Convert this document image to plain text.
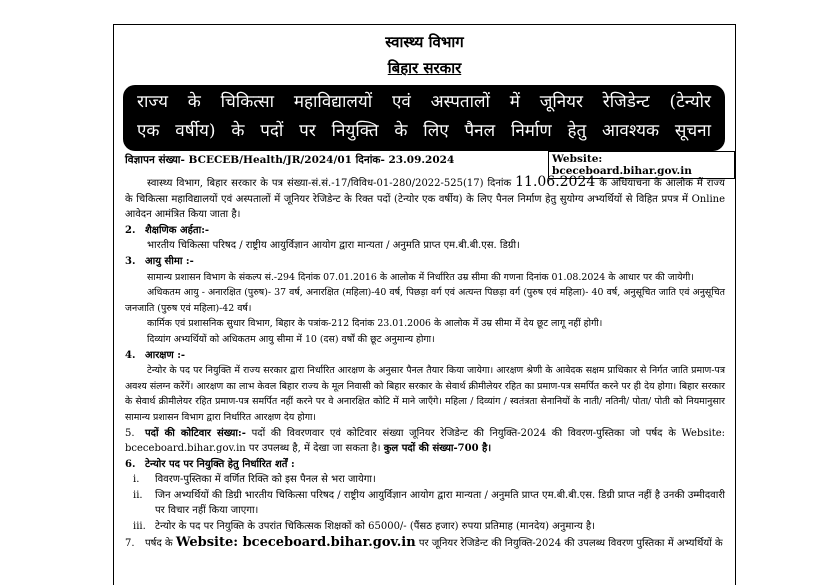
स्वास्थ्य विभाग
बिहार सरकार
राज्य के चिकित्सा महाविद्यालयों एवं अस्पतालों में जूनियर रेजिडेन्ट (टेन्योर
एक वर्षीय) के पदों पर नियुक्ति के लिए पैनल निर्माण हेतु आवश्यक सूचना
विज्ञापन संख्या- BCECEB/Health/JR/2024/01 दिनांक- 23.09.2024	Website: bceceboard.bihar.gov.in

स्वास्थ्य विभाग, बिहार सरकार के पत्र संख्या-सं.सं.-17/विविध-01-280/2022-525(17) दिनांक 11.06.2024 के अधियाचना के आलोक में राज्य के चिकित्सा महाविद्यालयों एवं अस्पतालों में जूनियर रेजिडेन्ट के रिक्त पदों (टेन्योर एक वर्षीय) के लिए पैनल निर्माण हेतु सुयोग्य अभ्यर्थियों से विहित प्रपत्र में Online आवेदन आमंत्रित किया जाता है।

2. शैक्षणिक अर्हता:-

भारतीय चिकित्सा परिषद / राष्ट्रीय आयुर्विज्ञान आयोग द्वारा मान्यता / अनुमति प्राप्त एम.बी.बी.एस. डिग्री।

3. आयु सीमा :-

सामान्य प्रशासन विभाग के संकल्प सं.-294 दिनांक 07.01.2016 के आलोक में निर्धारित उम्र सीमा की गणना दिनांक 01.08.2024 के आधार पर की जायेगी।

अधिकतम आयु - अनारक्षित (पुरुष)- 37 वर्ष, अनारक्षित (महिला)-40 वर्ष, पिछड़ा वर्ग एवं अत्यन्त पिछड़ा वर्ग (पुरुष एवं महिला)- 40 वर्ष, अनुसूचित जाति एवं अनुसूचित जनजाति (पुरुष एवं महिला)-42 वर्ष।

कार्मिक एवं प्रशासनिक सुधार विभाग, बिहार के पत्रांक-212 दिनांक 23.01.2006 के आलोक में उम्र सीमा में देय छूट लागू नहीं होगी।

दिव्यांग अभ्यर्थियों को अधिकतम आयु सीमा में 10 (दस) वर्षों की छूट अनुमान्य होगा।

4. आरक्षण :-

टेन्योर के पद पर नियुक्ति में राज्य सरकार द्वारा निर्धारित आरक्षण के अनुसार पैनल तैयार किया जायेगा। आरक्षण श्रेणी के आवेदक सक्षम प्राधिकार से निर्गत जाति प्रमाण-पत्र अवश्य संलग्न करेंगें। आरक्षण का लाभ केवल बिहार राज्य के मूल निवासी को बिहार सरकार के सेवार्थ क्रीमीलेयर रहित का प्रमाण-पत्र समर्पित करने पर ही देय होगा। बिहार सरकार के सेवार्थ क्रीमीलेयर रहित प्रमाण-पत्र समर्पित नहीं करने पर वे अनारक्षित कोटि में माने जाएँगे। महिला / दिव्यांग / स्वतंत्रता सेनानियों के नाती/ नतिनी/ पोता/ पोती को नियमानुसार सामान्य प्रशासन विभाग द्वारा निर्धारित आरक्षण देय होगा।

5. पदों की कोटिवार संख्या:- पदों की विवरणवार एवं कोटिवार संख्या जूनियर रेजिडेन्ट की नियुक्ति-2024 की विवरण-पुस्तिका जो पर्षद के Website: bceceboard.bihar.gov.in पर उपलब्ध है, में देखा जा सकता है। कुल पदों की संख्या-700 है।

6. टेन्योर पद पर नियुक्ति हेतु निर्धारित शर्तें :

i.	विवरण-पुस्तिका में वर्णित रिक्ति को इस पैनल से भरा जायेगा।
ii.	जिन अभ्यर्थियों की डिग्री भारतीय चिकित्सा परिषद / राष्ट्रीय आयुर्विज्ञान आयोग द्वारा मान्यता / अनुमति प्राप्त एम.बी.बी.एस. डिग्री प्राप्त नहीं है उनकी उम्मीदवारी पर विचार नहीं किया जाएगा।
iii. टेन्योर के पद पर नियुक्ति के उपरांत चिकित्सक शिक्षकों को 65000/- (पैंसठ हजार) रुपया प्रतिमाह (मानदेय) अनुमान्य है।

7. पर्षद के Website: bceceboard.bihar.gov.in पर जूनियर रेजिडेन्ट की नियुक्ति-2024 की उपलब्ध विवरण पुस्तिका में अभ्यर्थियों के
